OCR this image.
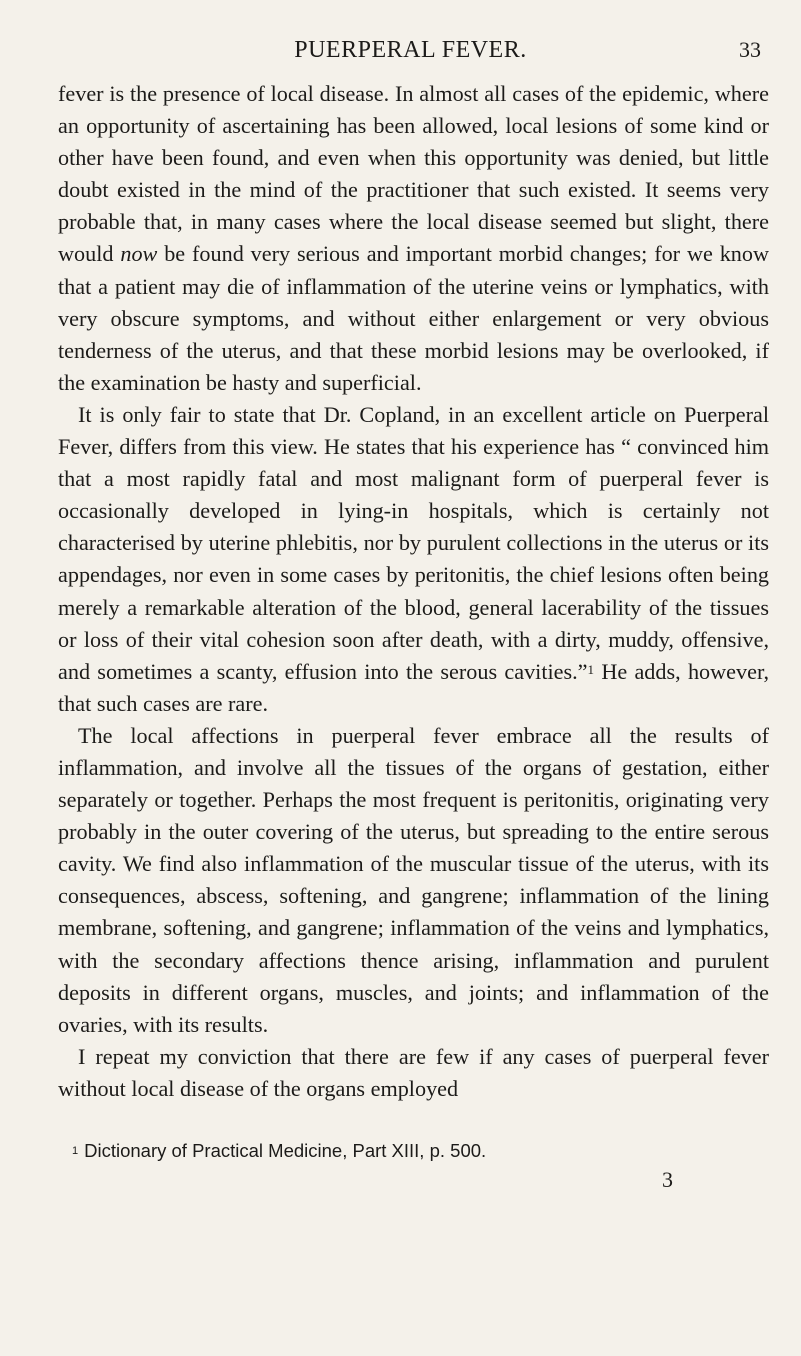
PUERPERAL FEVER.	33

fever is the presence of local disease. In almost all cases of the epidemic, where an opportunity of ascertaining has been allowed, local lesions of some kind or other have been found, and even when this opportunity was denied, but little doubt existed in the mind of the practitioner that such existed. It seems very probable that, in many cases where the local disease seemed but slight, there would now be found very serious and important morbid changes; for we know that a patient may die of inflammation of the uterine veins or lymphatics, with very obscure symptoms, and without either enlargement or very obvious tenderness of the uterus, and that these morbid lesions may be overlooked, if the examination be hasty and superficial.

It is only fair to state that Dr. Copland, in an excellent article on Puerperal Fever, differs from this view. He states that his experience has “ convinced him that a most rapidly fatal and most malignant form of puerperal fever is occasionally developed in lying-in hospitals, which is certainly not characterised by uterine phlebitis, nor by purulent collections in the uterus or its appendages, nor even in some cases by peritonitis, the chief lesions often being merely a remarkable alteration of the blood, general lacerability of the tissues or loss of their vital cohesion soon after death, with a dirty, muddy, offensive, and sometimes a scanty, effusion into the serous cavities.”$^1$ He adds, however, that such cases are rare.

The local affections in puerperal fever embrace all the results of inflammation, and involve all the tissues of the organs of gestation, either separately or together. Perhaps the most frequent is peritonitis, originating very probably in the outer covering of the uterus, but spreading to the entire serous cavity. We find also inflammation of the muscular tissue of the uterus, with its consequences, abscess, softening, and gangrene; inflammation of the lining membrane, softening, and gangrene; inflammation of the veins and lymphatics, with the secondary affections thence arising, inflammation and purulent deposits in different organs, muscles, and joints; and inflammation of the ovaries, with its results.

I repeat my conviction that there are few if any cases of puerperal fever without local disease of the organs employed

$^1$ Dictionary of Practical Medicine, Part XIII, p. 500.
3
